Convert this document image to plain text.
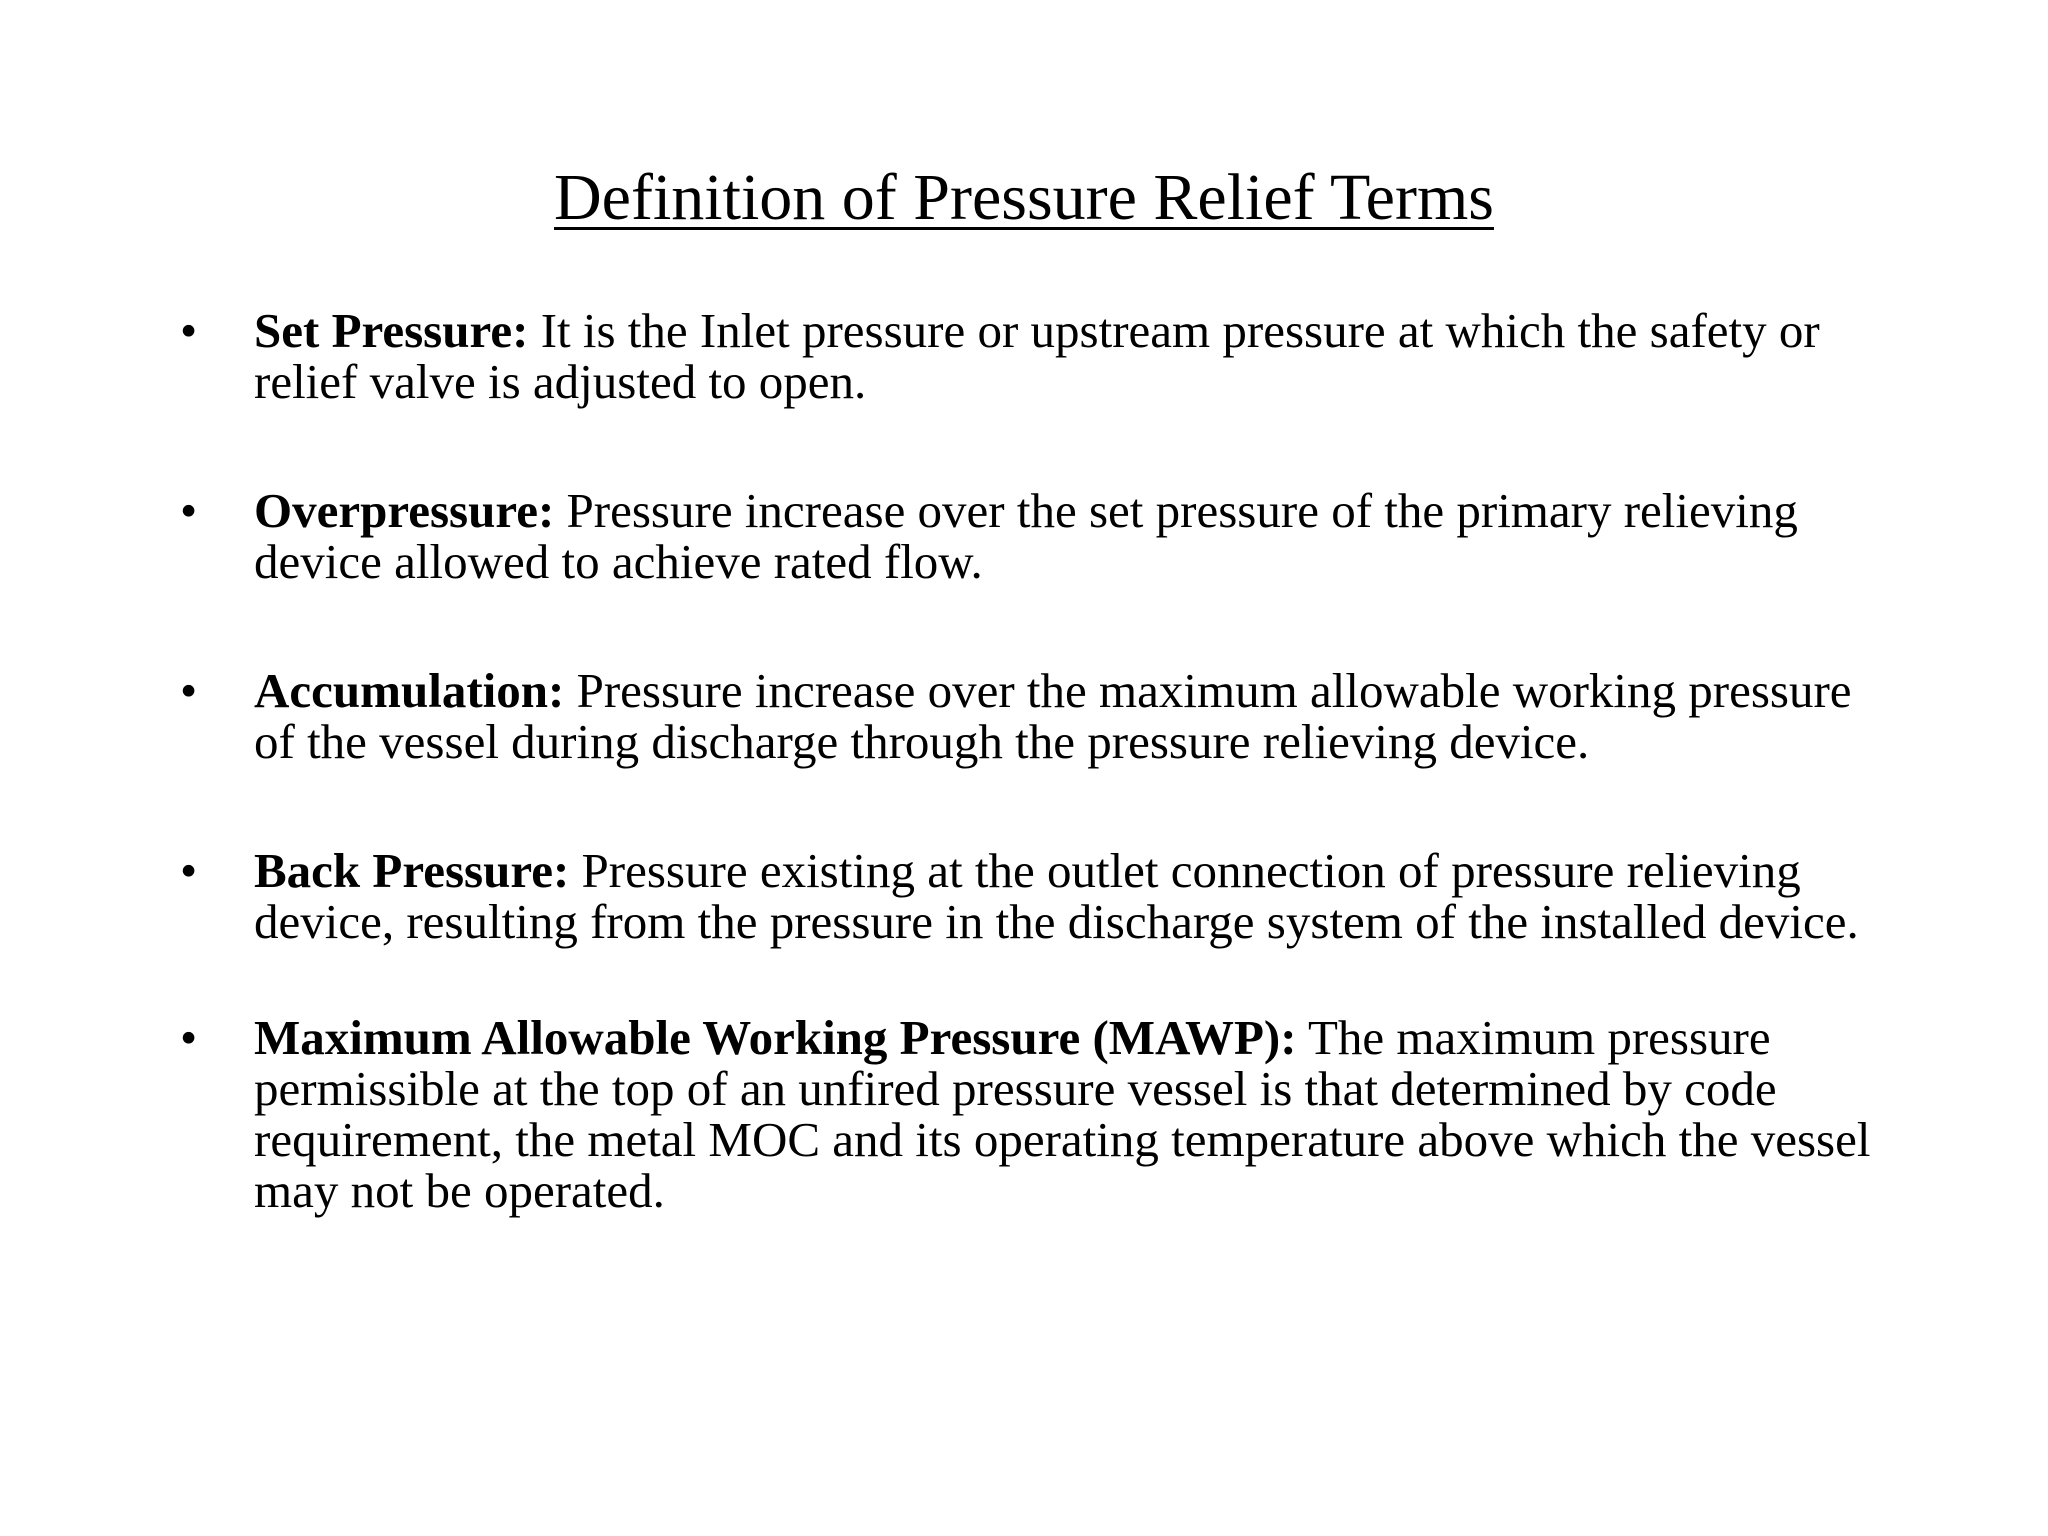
Definition of Pressure Relief Terms
• Set Pressure: It is the Inlet pressure or upstream pressure at which the safety or relief valve is adjusted to open.
• Overpressure: Pressure increase over the set pressure of the primary relieving device allowed to achieve rated flow.
• Accumulation: Pressure increase over the maximum allowable working pressure of the vessel during discharge through the pressure relieving device.
• Back Pressure: Pressure existing at the outlet connection of pressure relieving device, resulting from the pressure in the discharge system of the installed device.
• Maximum Allowable Working Pressure (MAWP): The maximum pressure permissible at the top of an unfired pressure vessel is that determined by code requirement, the metal MOC and its operating temperature above which the vessel may not be operated.
